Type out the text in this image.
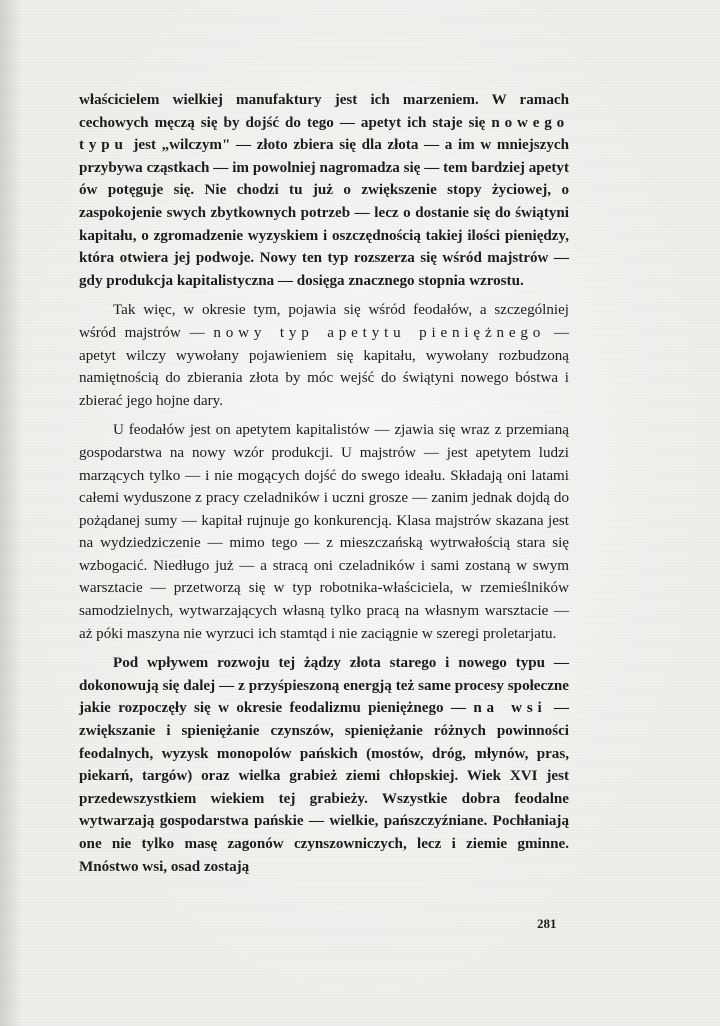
właścicielem wielkiej manufaktury jest ich marzeniem. W ramach cechowych męczą się by dojść do tego — apetyt ich staje się nowego typu jest „wilczym" — złoto zbiera się dla złota — a im w mniejszych przybywa cząstkach — im powolniej nagromadza się — tem bardziej apetyt ów potęguje się. Nie chodzi tu już o zwiększenie stopy życiowej, o zaspokojenie swych zbytkownych potrzeb — lecz o dostanie się do świątyni kapitału, o zgromadzenie wyzyskiem i oszczędnością takiej ilości pieniędzy, która otwiera jej podwoje. Nowy ten typ rozszerza się wśród majstrów — gdy produkcja kapitalistyczna — dosięga znacznego stopnia wzrostu.

Tak więc, w okresie tym, pojawia się wśród feodałów, a szczególniej wśród majstrów — nowy typ apetytu pieniężnego — apetyt wilczy wywołany pojawieniem się kapitału, wywołany rozbudzoną namiętnością do zbierania złota by móc wejść do świątyni nowego bóstwa i zbierać jego hojne dary.

U feodałów jest on apetytem kapitalistów — zjawia się wraz z przemianą gospodarstwa na nowy wzór produkcji. U majstrów — jest apetytem ludzi marzących tylko — i nie mogących dojść do swego ideału. Składają oni latami całemi wyduszone z pracy czeladników i uczni grosze — zanim jednak dojdą do pożądanej sumy — kapitał rujnuje go konkurencją. Klasa majstrów skazana jest na wydziedziczenie — mimo tego — z mieszczańską wytrwałością stara się wzbogacić. Niedługo już — a stracą oni czeladników i sami zostaną w swym warsztacie — przetworzą się w typ robotnika-właściciela, w rzemieślników samodzielnych, wytwarzających własną tylko pracą na własnym warsztacie — aż póki maszyna nie wyrzuci ich stamtąd i nie zaciągnie w szeregi proletarjatu.

Pod wpływem rozwoju tej żądzy złota starego i nowego typu — dokonowują się dalej — z przyśpieszoną energją też same procesy społeczne jakie rozpoczęły się w okresie feodalizmu pieniężnego — na wsi — zwiększanie i spieniężanie czynszów, spieniężanie różnych powinności feodalnych, wyzysk monopolów pańskich (mostów, dróg, młynów, pras, piekarń, targów) oraz wielka grabież ziemi chłopskiej. Wiek XVI jest przedewszystkiem wiekiem tej grabieży. Wszystkie dobra feodalne wytwarzają gospodarstwa pańskie — wielkie, pańszczyźniane. Pochłaniają one nie tylko masę zagonów czynszowniczych, lecz i ziemie gminne. Mnóstwo wsi, osad zostają

281
